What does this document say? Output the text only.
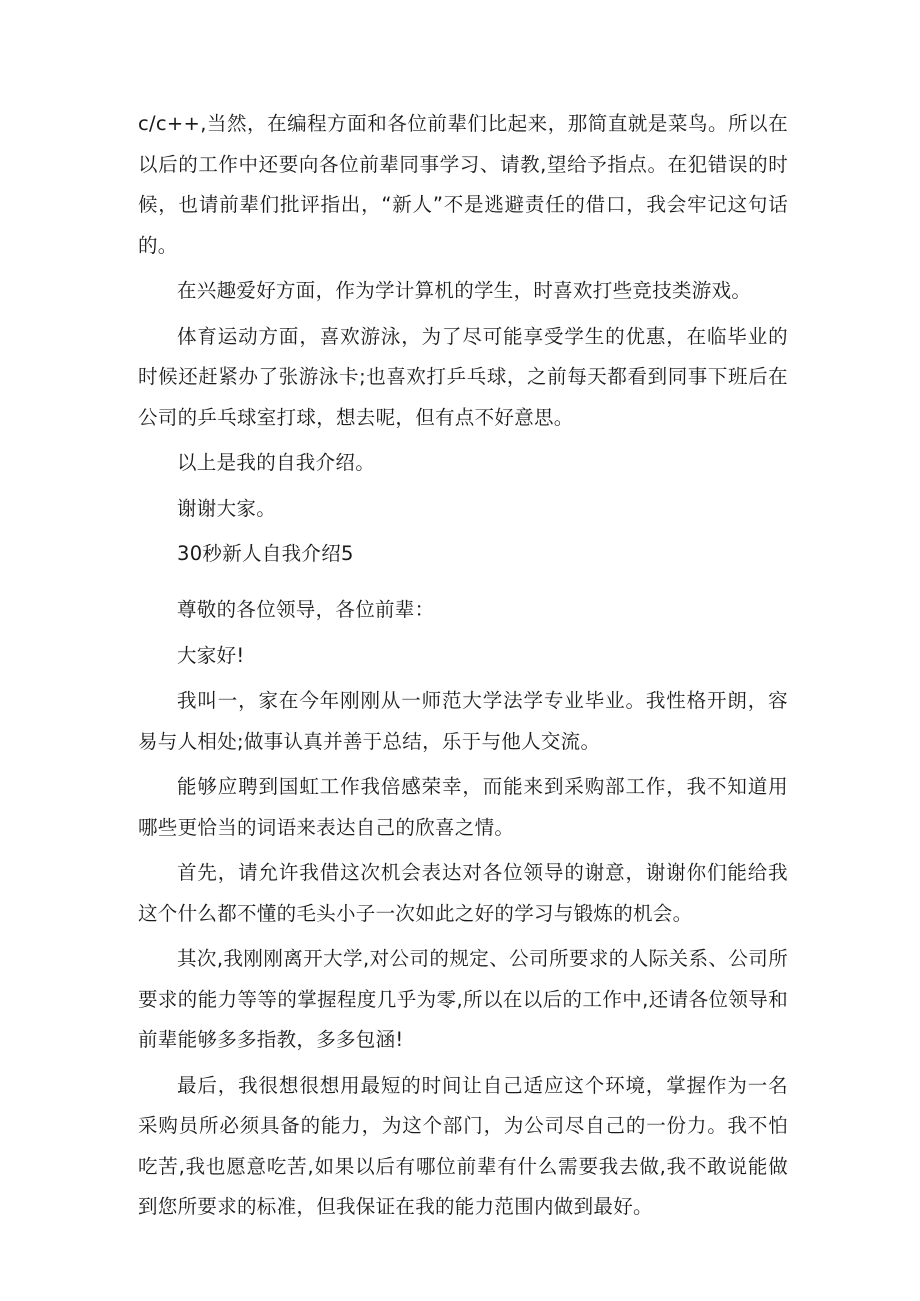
c/c++,当然，在编程方面和各位前辈们比起来，那简直就是菜鸟。所以在以后的工作中还要向各位前辈同事学习、请教,望给予指点。在犯错误的时候，也请前辈们批评指出，“新人”不是逃避责任的借口，我会牢记这句话的。

在兴趣爱好方面，作为学计算机的学生，时喜欢打些竞技类游戏。

体育运动方面，喜欢游泳，为了尽可能享受学生的优惠，在临毕业的时候还赶紧办了张游泳卡;也喜欢打乒乓球，之前每天都看到同事下班后在公司的乒乓球室打球，想去呢，但有点不好意思。

以上是我的自我介绍。

谢谢大家。

30秒新人自我介绍5

尊敬的各位领导，各位前辈：

大家好!

我叫一，家在今年刚刚从一师范大学法学专业毕业。我性格开朗，容易与人相处;做事认真并善于总结，乐于与他人交流。

能够应聘到国虹工作我倍感荣幸，而能来到采购部工作，我不知道用哪些更恰当的词语来表达自己的欣喜之情。

首先，请允许我借这次机会表达对各位领导的谢意，谢谢你们能给我这个什么都不懂的毛头小子一次如此之好的学习与锻炼的机会。

其次,我刚刚离开大学,对公司的规定、公司所要求的人际关系、公司所要求的能力等等的掌握程度几乎为零,所以在以后的工作中,还请各位领导和前辈能够多多指教，多多包涵!

最后，我很想很想用最短的时间让自己适应这个环境，掌握作为一名采购员所必须具备的能力，为这个部门，为公司尽自己的一份力。我不怕吃苦,我也愿意吃苦,如果以后有哪位前辈有什么需要我去做,我不敢说能做到您所要求的标准，但我保证在我的能力范围内做到最好。
